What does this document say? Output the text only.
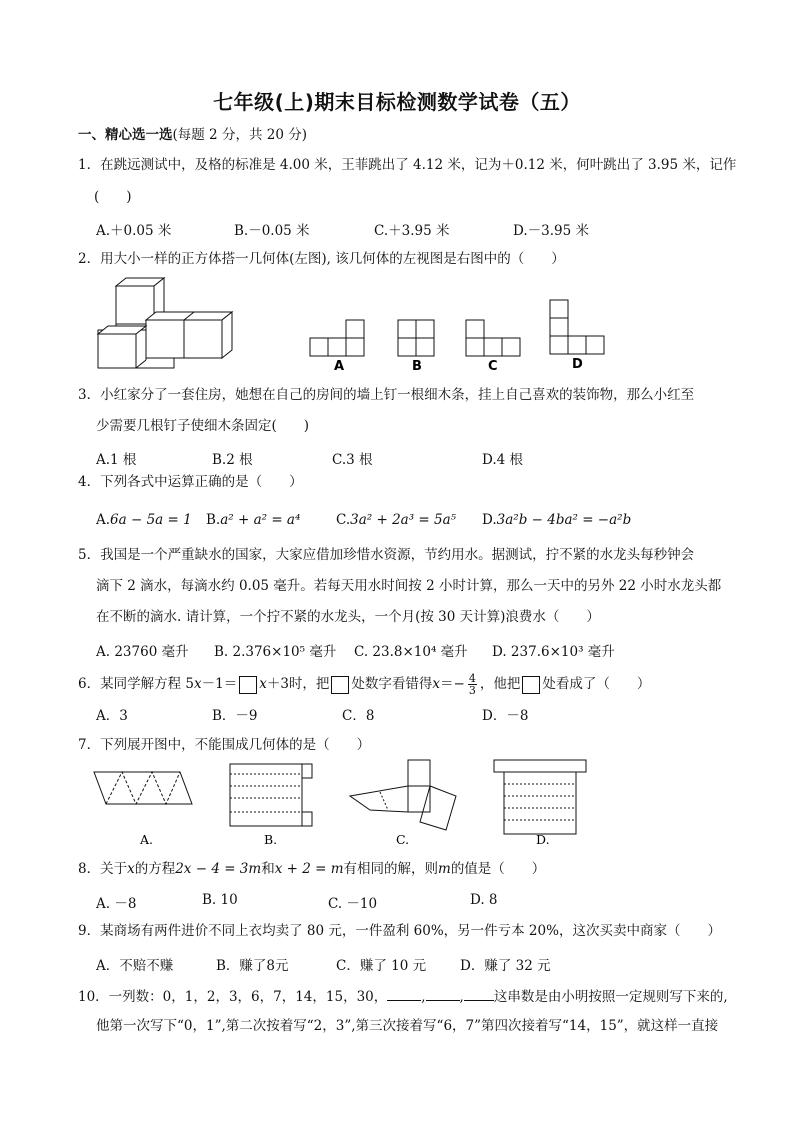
七年级(上)期末目标检测数学试卷（五）
一、精心选一选(每题 2 分，共 20 分)
1．在跳远测试中，及格的标准是 4.00 米，王菲跳出了 4.12 米，记为＋0.12 米，何叶跳出了 3.95 米，记作
(　　)
A.＋0.05 米	B.－0.05 米	C.＋3.95 米	D.－3.95 米
2．用大小一样的正方体搭一几何体(左图), 该几何体的左视图是右图中的（　　）
A	B	C	D
3．小红家分了一套住房，她想在自己的房间的墙上钉一根细木条，挂上自己喜欢的装饰物，那么小红至
少需要几根钉子使细木条固定(　　)
A.1 根	B.2 根	C.3 根	D.4 根
4．下列各式中运算正确的是（　　）
A.6a − 5a = 1 B.a² + a² = a⁴	C.3a² + 2a³ = 5a⁵ D.3a²b − 4ba² = −a²b
5．我国是一个严重缺水的国家，大家应借加珍惜水资源，节约用水。据测试，拧不紧的水龙头每秒钟会
滴下 2 滴水，每滴水约 0.05 毫升。若每天用水时间按 2 小时计算，那么一天中的另外 22 小时水龙头都
在不断的滴水. 请计算，一个拧不紧的水龙头，一个月(按 30 天计算)浪费水（　　）
A. 23760 毫升 B. 2.376×10⁵ 毫升 C. 23.8×10⁴ 毫升 D. 237.6×10³ 毫升
6．某同学解方程 5x－1＝ x＋3时，把 处数字看错得$x=- \frac{4}{3}$ ，他把 处看成了（　　）
A．3	B．－9	C．8	D．－8
7．下列展开图中，不能围成几何体的是（　　）
A.	B.	C.	D.
8．关于x的方程2x − 4 = 3m和x + 2 = m有相同的解，则m的值是（　　）
A. －8	B. 10	C. －10	D. 8
9．某商场有两件进价不同上衣均卖了 80 元，一件盈利 60%，另一件亏本 20%，这次买卖中商家（　　）
A．不赔不赚	B．赚了8元	C．赚了 10 元	D．赚了 32 元
10．一列数：0，1，2，3，6，7，14，15，30，	,	, 这串数是由小明按照一定规则写下来的,
他第一次写下“0，1”,第二次按着写“2，3”,第三次接着写“6，7”第四次接着写“14，15”，就这样一直接
